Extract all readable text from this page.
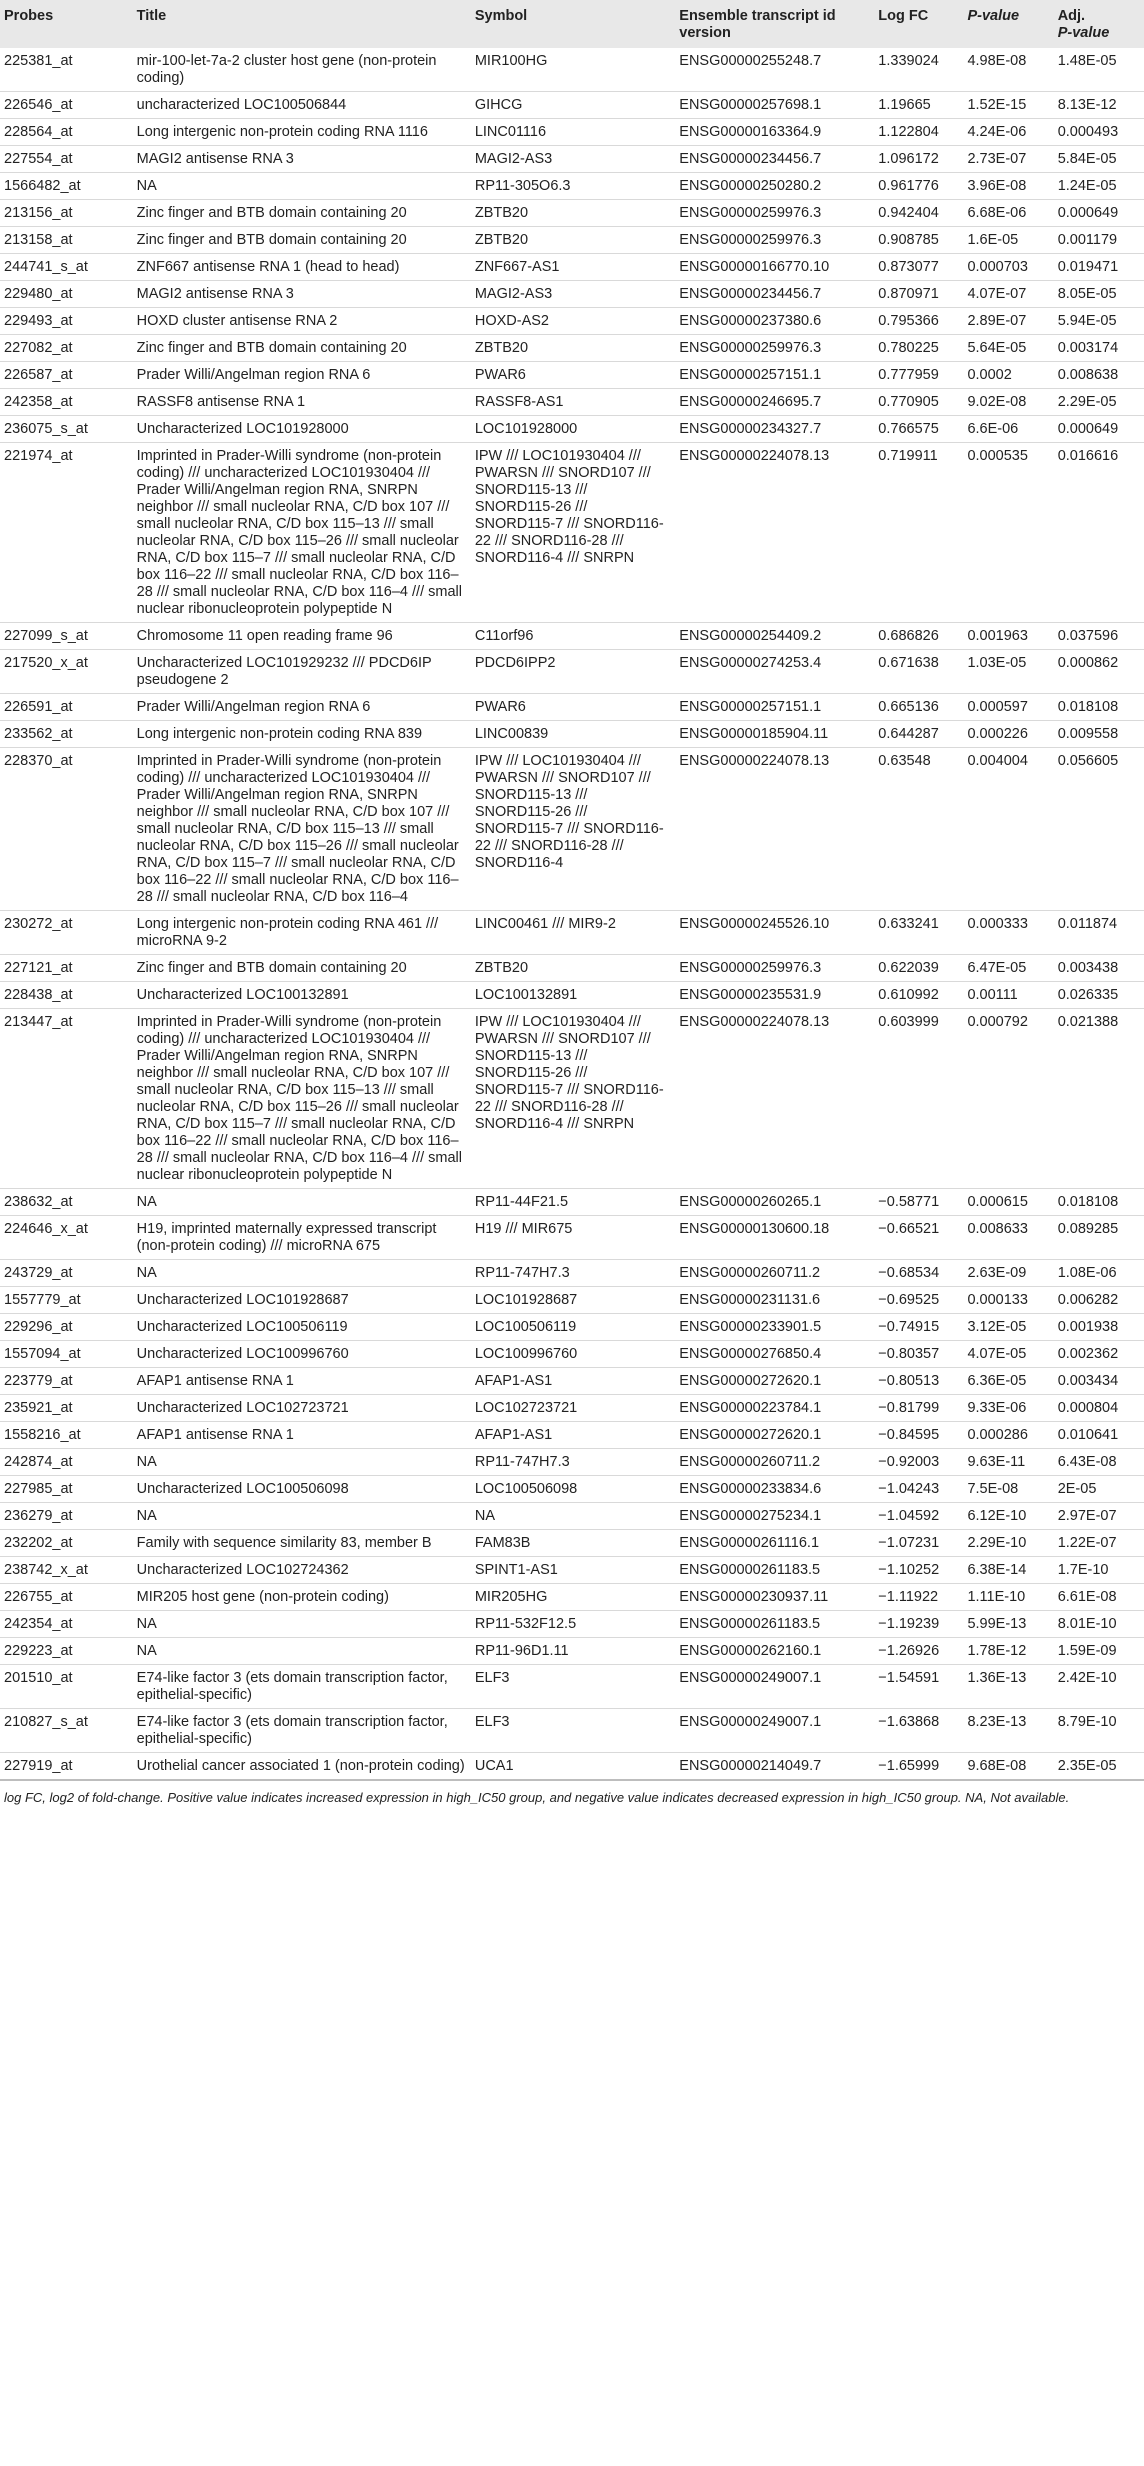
Probes	Title	Symbol	Ensemble transcript id version	Log FC	P-value	Adj.
P-value
225381_at	mir-100-let-7a-2 cluster host gene (non-protein coding)	MIR100HG	ENSG00000255248.7	1.339024	4.98E-08	1.48E-05
226546_at	uncharacterized LOC100506844	GIHCG	ENSG00000257698.1	1.19665	1.52E-15	8.13E-12
228564_at	Long intergenic non-protein coding RNA 1116	LINC01116	ENSG00000163364.9	1.122804	4.24E-06	0.000493
227554_at	MAGI2 antisense RNA 3	MAGI2-AS3	ENSG00000234456.7	1.096172	2.73E-07	5.84E-05
1566482_at	NA	RP11-305O6.3	ENSG00000250280.2	0.961776	3.96E-08	1.24E-05
213156_at	Zinc finger and BTB domain containing 20	ZBTB20	ENSG00000259976.3	0.942404	6.68E-06	0.000649
213158_at	Zinc finger and BTB domain containing 20	ZBTB20	ENSG00000259976.3	0.908785	1.6E-05	0.001179
244741_s_at	ZNF667 antisense RNA 1 (head to head)	ZNF667-AS1	ENSG00000166770.10	0.873077	0.000703	0.019471
229480_at	MAGI2 antisense RNA 3	MAGI2-AS3	ENSG00000234456.7	0.870971	4.07E-07	8.05E-05
229493_at	HOXD cluster antisense RNA 2	HOXD-AS2	ENSG00000237380.6	0.795366	2.89E-07	5.94E-05
227082_at	Zinc finger and BTB domain containing 20	ZBTB20	ENSG00000259976.3	0.780225	5.64E-05	0.003174
226587_at	Prader Willi/Angelman region RNA 6	PWAR6	ENSG00000257151.1	0.777959	0.0002	0.008638
242358_at	RASSF8 antisense RNA 1	RASSF8-AS1	ENSG00000246695.7	0.770905	9.02E-08	2.29E-05
236075_s_at	Uncharacterized LOC101928000	LOC101928000	ENSG00000234327.7	0.766575	6.6E-06	0.000649
221974_at	Imprinted in Prader-Willi syndrome (non-protein coding) /// uncharacterized LOC101930404 /// Prader Willi/Angelman region RNA, SNRPN neighbor /// small nucleolar RNA, C/D box 107 /// small nucleolar RNA, C/D box 115–13 /// small nucleolar RNA, C/D box 115–26 /// small nucleolar RNA, C/D box 115–7 /// small nucleolar RNA, C/D box 116–22 /// small nucleolar RNA, C/D box 116–28 /// small nucleolar RNA, C/D box 116–4 /// small nuclear ribonucleoprotein polypeptide N	IPW /// LOC101930404 /// PWARSN /// SNORD107 /// SNORD115-13 /// SNORD115-26 /// SNORD115-7 /// SNORD116-22 /// SNORD116-28 /// SNORD116-4 /// SNRPN	ENSG00000224078.13	0.719911	0.000535	0.016616
227099_s_at	Chromosome 11 open reading frame 96	C11orf96	ENSG00000254409.2	0.686826	0.001963	0.037596
217520_x_at	Uncharacterized LOC101929232 /// PDCD6IP pseudogene 2	PDCD6IPP2	ENSG00000274253.4	0.671638	1.03E-05	0.000862
226591_at	Prader Willi/Angelman region RNA 6	PWAR6	ENSG00000257151.1	0.665136	0.000597	0.018108
233562_at	Long intergenic non-protein coding RNA 839	LINC00839	ENSG00000185904.11	0.644287	0.000226	0.009558
228370_at	Imprinted in Prader-Willi syndrome (non-protein coding) /// uncharacterized LOC101930404 /// Prader Willi/Angelman region RNA, SNRPN neighbor /// small nucleolar RNA, C/D box 107 /// small nucleolar RNA, C/D box 115–13 /// small nucleolar RNA, C/D box 115–26 /// small nucleolar RNA, C/D box 115–7 /// small nucleolar RNA, C/D box 116–22 /// small nucleolar RNA, C/D box 116–28 /// small nucleolar RNA, C/D box 116–4	IPW /// LOC101930404 /// PWARSN /// SNORD107 /// SNORD115-13 /// SNORD115-26 /// SNORD115-7 /// SNORD116-22 /// SNORD116-28 /// SNORD116-4	ENSG00000224078.13	0.63548	0.004004	0.056605
230272_at	Long intergenic non-protein coding RNA 461 /// microRNA 9-2	LINC00461 /// MIR9-2	ENSG00000245526.10	0.633241	0.000333	0.011874
227121_at	Zinc finger and BTB domain containing 20	ZBTB20	ENSG00000259976.3	0.622039	6.47E-05	0.003438
228438_at	Uncharacterized LOC100132891	LOC100132891	ENSG00000235531.9	0.610992	0.00111	0.026335
213447_at	Imprinted in Prader-Willi syndrome (non-protein coding) /// uncharacterized LOC101930404 /// Prader Willi/Angelman region RNA, SNRPN neighbor /// small nucleolar RNA, C/D box 107 /// small nucleolar RNA, C/D box 115–13 /// small nucleolar RNA, C/D box 115–26 /// small nucleolar RNA, C/D box 115–7 /// small nucleolar RNA, C/D box 116–22 /// small nucleolar RNA, C/D box 116–28 /// small nucleolar RNA, C/D box 116–4 /// small nuclear ribonucleoprotein polypeptide N	IPW /// LOC101930404 /// PWARSN /// SNORD107 /// SNORD115-13 /// SNORD115-26 /// SNORD115-7 /// SNORD116-22 /// SNORD116-28 /// SNORD116-4 /// SNRPN	ENSG00000224078.13	0.603999	0.000792	0.021388
238632_at	NA	RP11-44F21.5	ENSG00000260265.1	−0.58771	0.000615	0.018108
224646_x_at	H19, imprinted maternally expressed transcript (non-protein coding) /// microRNA 675	H19 /// MIR675	ENSG00000130600.18	−0.66521	0.008633	0.089285
243729_at	NA	RP11-747H7.3	ENSG00000260711.2	−0.68534	2.63E-09	1.08E-06
1557779_at	Uncharacterized LOC101928687	LOC101928687	ENSG00000231131.6	−0.69525	0.000133	0.006282
229296_at	Uncharacterized LOC100506119	LOC100506119	ENSG00000233901.5	−0.74915	3.12E-05	0.001938
1557094_at	Uncharacterized LOC100996760	LOC100996760	ENSG00000276850.4	−0.80357	4.07E-05	0.002362
223779_at	AFAP1 antisense RNA 1	AFAP1-AS1	ENSG00000272620.1	−0.80513	6.36E-05	0.003434
235921_at	Uncharacterized LOC102723721	LOC102723721	ENSG00000223784.1	−0.81799	9.33E-06	0.000804
1558216_at	AFAP1 antisense RNA 1	AFAP1-AS1	ENSG00000272620.1	−0.84595	0.000286	0.010641
242874_at	NA	RP11-747H7.3	ENSG00000260711.2	−0.92003	9.63E-11	6.43E-08
227985_at	Uncharacterized LOC100506098	LOC100506098	ENSG00000233834.6	−1.04243	7.5E-08	2E-05
236279_at	NA	NA	ENSG00000275234.1	−1.04592	6.12E-10	2.97E-07
232202_at	Family with sequence similarity 83, member B	FAM83B	ENSG00000261116.1	−1.07231	2.29E-10	1.22E-07
238742_x_at	Uncharacterized LOC102724362	SPINT1-AS1	ENSG00000261183.5	−1.10252	6.38E-14	1.7E-10
226755_at	MIR205 host gene (non-protein coding)	MIR205HG	ENSG00000230937.11	−1.11922	1.11E-10	6.61E-08
242354_at	NA	RP11-532F12.5	ENSG00000261183.5	−1.19239	5.99E-13	8.01E-10
229223_at	NA	RP11-96D1.11	ENSG00000262160.1	−1.26926	1.78E-12	1.59E-09
201510_at	E74-like factor 3 (ets domain transcription factor, epithelial-specific)	ELF3	ENSG00000249007.1	−1.54591	1.36E-13	2.42E-10
210827_s_at	E74-like factor 3 (ets domain transcription factor, epithelial-specific)	ELF3	ENSG00000249007.1	−1.63868	8.23E-13	8.79E-10
227919_at	Urothelial cancer associated 1 (non-protein coding)	UCA1	ENSG00000214049.7	−1.65999	9.68E-08	2.35E-05
log FC, log2 of fold-change. Positive value indicates increased expression in high_IC50 group, and negative value indicates decreased expression in high_IC50 group. NA, Not available.
